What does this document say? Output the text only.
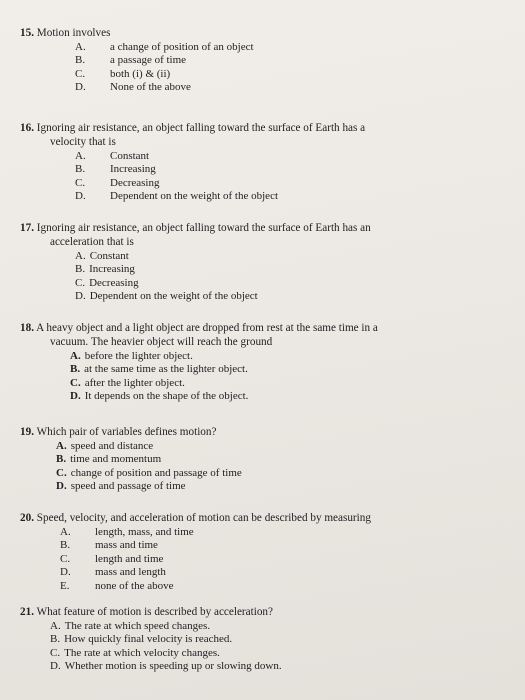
15. Motion involves
A.	a change of position of an object
B.	a passage of time
C.	both (i) & (ii)
D.	None of the above
16. Ignoring air resistance, an object falling toward the surface of Earth has a
velocity that is
A.	Constant
B.	Increasing
C.	Decreasing
D.	Dependent on the weight of the object
17. Ignoring air resistance, an object falling toward the surface of Earth has an
acceleration that is
A. Constant
B. Increasing
C. Decreasing
D. Dependent on the weight of the object
18. A heavy object and a light object are dropped from rest at the same time in a
vacuum. The heavier object will reach the ground
A. before the lighter object.
B. at the same time as the lighter object.
C. after the lighter object.
D. It depends on the shape of the object.
19. Which pair of variables defines motion?
A. speed and distance
B. time and momentum
C. change of position and passage of time
D. speed and passage of time
20. Speed, velocity, and acceleration of motion can be described by measuring
A.	length, mass, and time
B.	mass and time
C.	length and time
D.	mass and length
E.	none of the above
21. What feature of motion is described by acceleration?
A. The rate at which speed changes.
B. How quickly final velocity is reached.
C. The rate at which velocity changes.
D. Whether motion is speeding up or slowing down.
